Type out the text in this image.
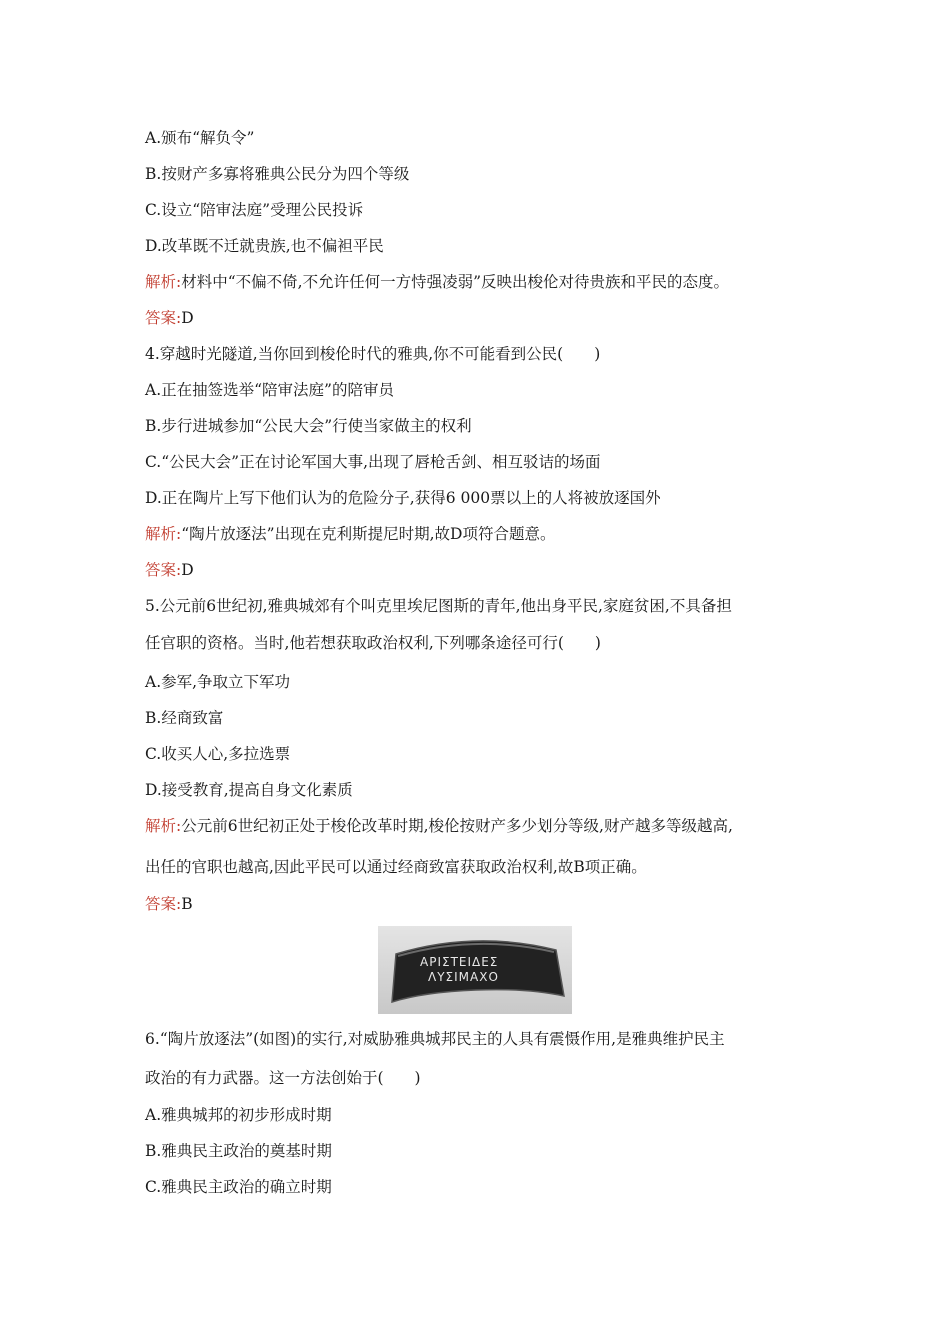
A.颁布“解负令”
B.按财产多寡将雅典公民分为四个等级
C.设立“陪审法庭”受理公民投诉
D.改革既不迁就贵族,也不偏袒平民
解析:材料中“不偏不倚,不允许任何一方恃强凌弱”反映出梭伦对待贵族和平民的态度。
答案:D
4.穿越时光隧道,当你回到梭伦时代的雅典,你不可能看到公民(　　)
A.正在抽签选举“陪审法庭”的陪审员
B.步行进城参加“公民大会”行使当家做主的权利
C.“公民大会”正在讨论军国大事,出现了唇枪舌剑、相互驳诘的场面
D.正在陶片上写下他们认为的危险分子,获得6 000票以上的人将被放逐国外
解析:“陶片放逐法”出现在克利斯提尼时期,故D项符合题意。
答案:D
5.公元前6世纪初,雅典城郊有个叫克里埃尼图斯的青年,他出身平民,家庭贫困,不具备担
任官职的资格。当时,他若想获取政治权利,下列哪条途径可行(　　)
A.参军,争取立下军功
B.经商致富
C.收买人心,多拉选票
D.接受教育,提高自身文化素质
解析:公元前6世纪初正处于梭伦改革时期,梭伦按财产多少划分等级,财产越多等级越高,
出任的官职也越高,因此平民可以通过经商致富获取政治权利,故B项正确。
答案:B
ΑΡΙΣΤΕΙΔΕΣ
ΛΥΣΙΜΑΧΟ
6.“陶片放逐法”(如图)的实行,对威胁雅典城邦民主的人具有震慑作用,是雅典维护民主
政治的有力武器。这一方法创始于(　　)
A.雅典城邦的初步形成时期
B.雅典民主政治的奠基时期
C.雅典民主政治的确立时期
